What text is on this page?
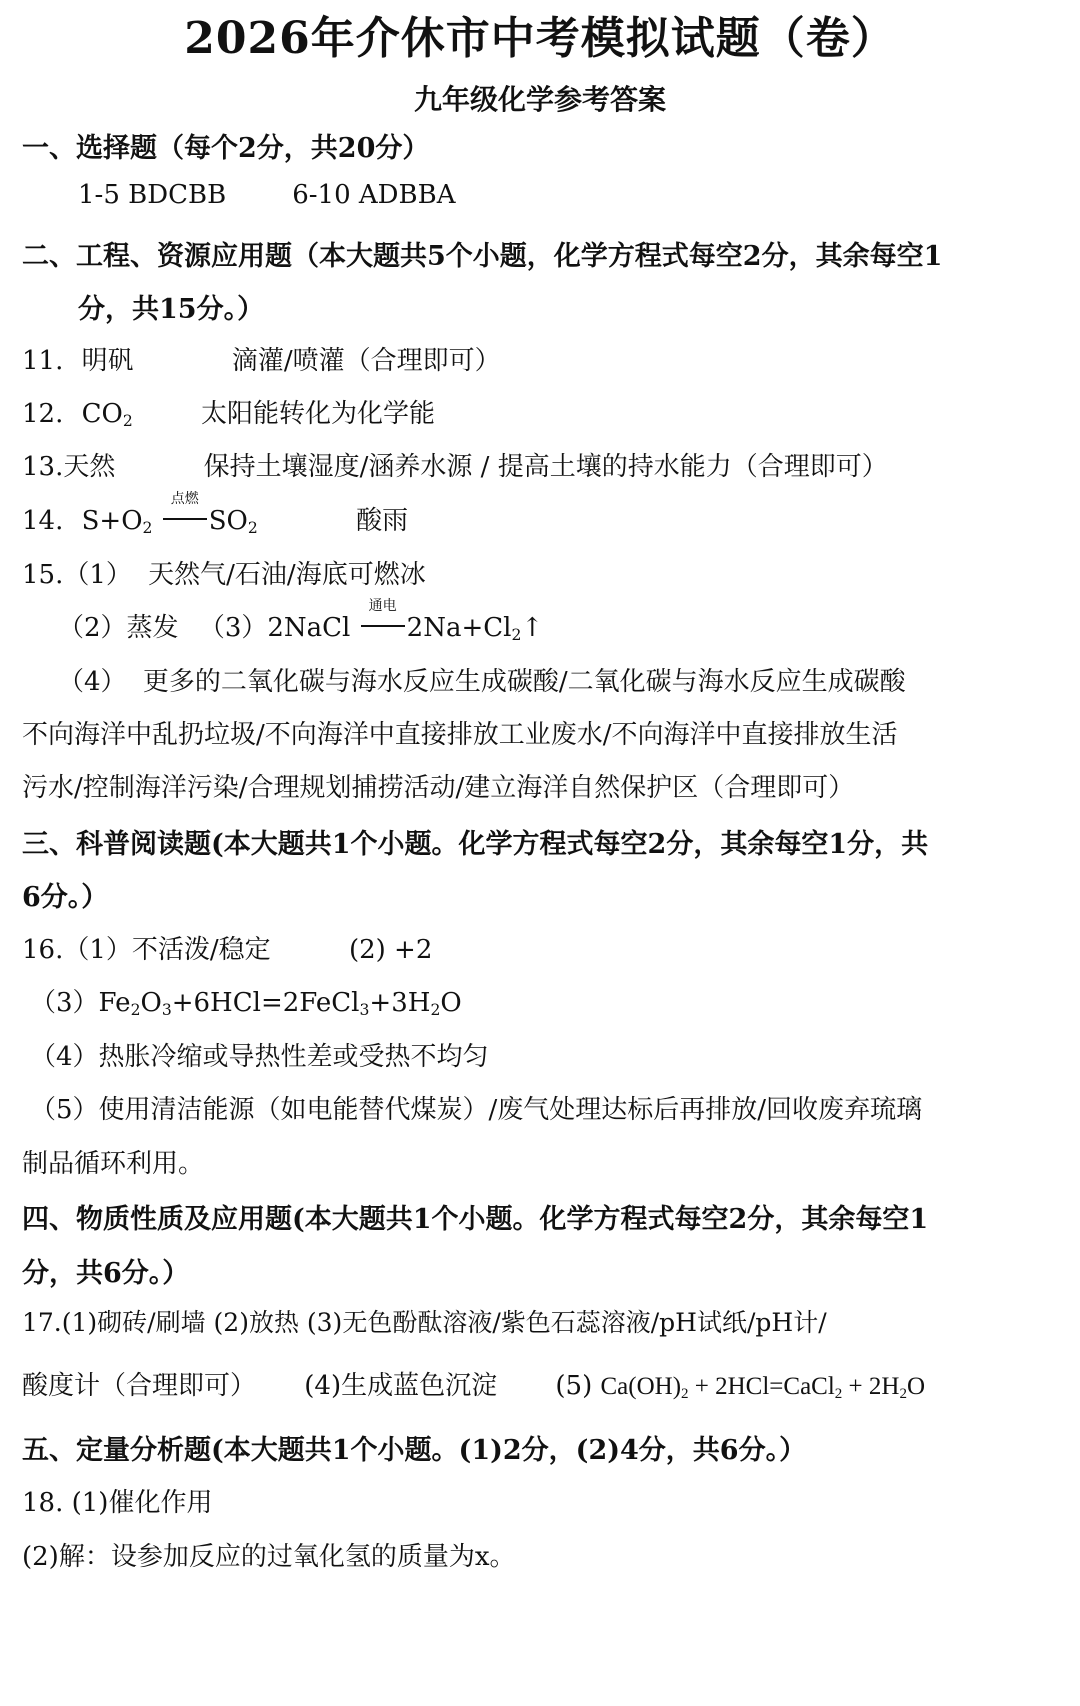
2026年介休市中考模拟试题（卷）
九年级化学参考答案
一、选择题（每个2分，共20分）
1-5 BDCBB	6-10 ADBBA
二、工程、资源应用题（本大题共5个小题，化学方程式每空2分，其余每空1
分，共15分。）
11. 明矾	滴灌/喷灌（合理即可）
12. $CO_2$	太阳能转化为化学能
13.天然	保持土壤湿度/涵养水源 / 提高土壤的持水能力（合理即可）
14. $S+O_2$
点燃
$SO_2$	酸雨
15.（1） 天然气/石油/海底可燃冰
（2）蒸发 （3）2NaCl
通电
$2Na+Cl_2↑$
（4） 更多的二氧化碳与海水反应生成碳酸/二氧化碳与海水反应生成碳酸
不向海洋中乱扔垃圾/不向海洋中直接排放工业废水/不向海洋中直接排放生活
污水/控制海洋污染/合理规划捕捞活动/建立海洋自然保护区（合理即可）
三、科普阅读题(本大题共1个小题。化学方程式每空2分，其余每空1分，共
6分。）
16.（1）不活泼/稳定	(2) +2
$(3)Fe_2O_3+6HCl=2FeCl_3+3H_2O$
（4）热胀冷缩或导热性差或受热不均匀
（5）使用清洁能源（如电能替代煤炭）/废气处理达标后再排放/回收废弃琉璃
制品循环利用。
四、物质性质及应用题(本大题共1个小题。化学方程式每空2分，其余每空1
分，共6分。）
17.(1)砌砖/刷墙 (2)放热 (3)无色酚酞溶液/紫色石蕊溶液/pH试纸/pH计/
酸度计（合理即可） (4)生成蓝色沉淀 (5) $Ca(OH)_2$ + 2HCl=CaCl$_2$ + $2H_2O$
五、定量分析题(本大题共1个小题。(1)2分，(2)4分，共6分。）
18. (1)催化作用
(2)解：设参加反应的过氧化氢的质量为x。
